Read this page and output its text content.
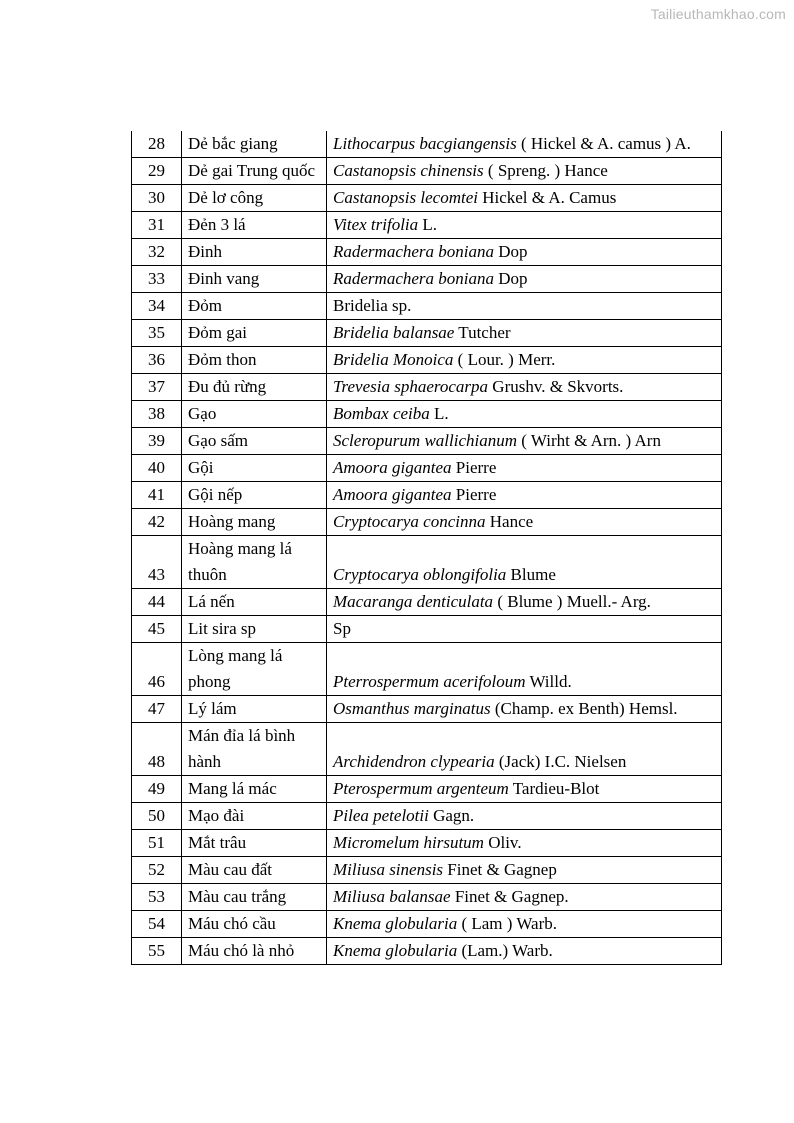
Tailieuthamkhao.com
28	Dẻ bắc giang	Lithocarpus bacgiangensis ( Hickel & A. camus ) A.
29	Dẻ gai Trung quốc	Castanopsis chinensis ( Spreng. ) Hance
30	Dẻ lơ công	Castanopsis lecomtei Hickel & A. Camus
31	Đẻn 3 lá	Vitex trifolia L.
32	Đinh	Radermachera boniana Dop
33	Đinh vang	Radermachera boniana Dop
34	Đỏm	Bridelia sp.
35	Đỏm gai	Bridelia balansae Tutcher
36	Đỏm thon	Bridelia Monoica ( Lour. ) Merr.
37	Đu đủ rừng	Trevesia sphaerocarpa Grushv. & Skvorts.
38	Gạo	Bombax ceiba L.
39	Gạo sấm	Scleropurum wallichianum ( Wirht & Arn. ) Arn
40	Gội	Amoora gigantea Pierre
41	Gội nếp	Amoora gigantea Pierre
42	Hoàng mang	Cryptocarya concinna Hance
43	Hoàng mang lá thuôn	Cryptocarya oblongifolia Blume
44	Lá nến	Macaranga denticulata ( Blume ) Muell.- Arg.
45	Lit sira sp	Sp
46	Lòng mang lá phong	Pterrospermum acerifoloum Willd.
47	Lý lám	Osmanthus marginatus (Champ. ex Benth) Hemsl.
48	Mán đỉa lá bình hành	Archidendron clypearia (Jack) I.C. Nielsen
49	Mang lá mác	Pterospermum argenteum Tardieu-Blot
50	Mạo đài	Pilea petelotii Gagn.
51	Mắt trâu	Micromelum hirsutum Oliv.
52	Màu cau đất	Miliusa sinensis Finet & Gagnep
53	Màu cau trắng	Miliusa balansae Finet & Gagnep.
54	Máu chó cầu	Knema globularia ( Lam ) Warb.
55	Máu chó là nhỏ	Knema globularia (Lam.) Warb.
